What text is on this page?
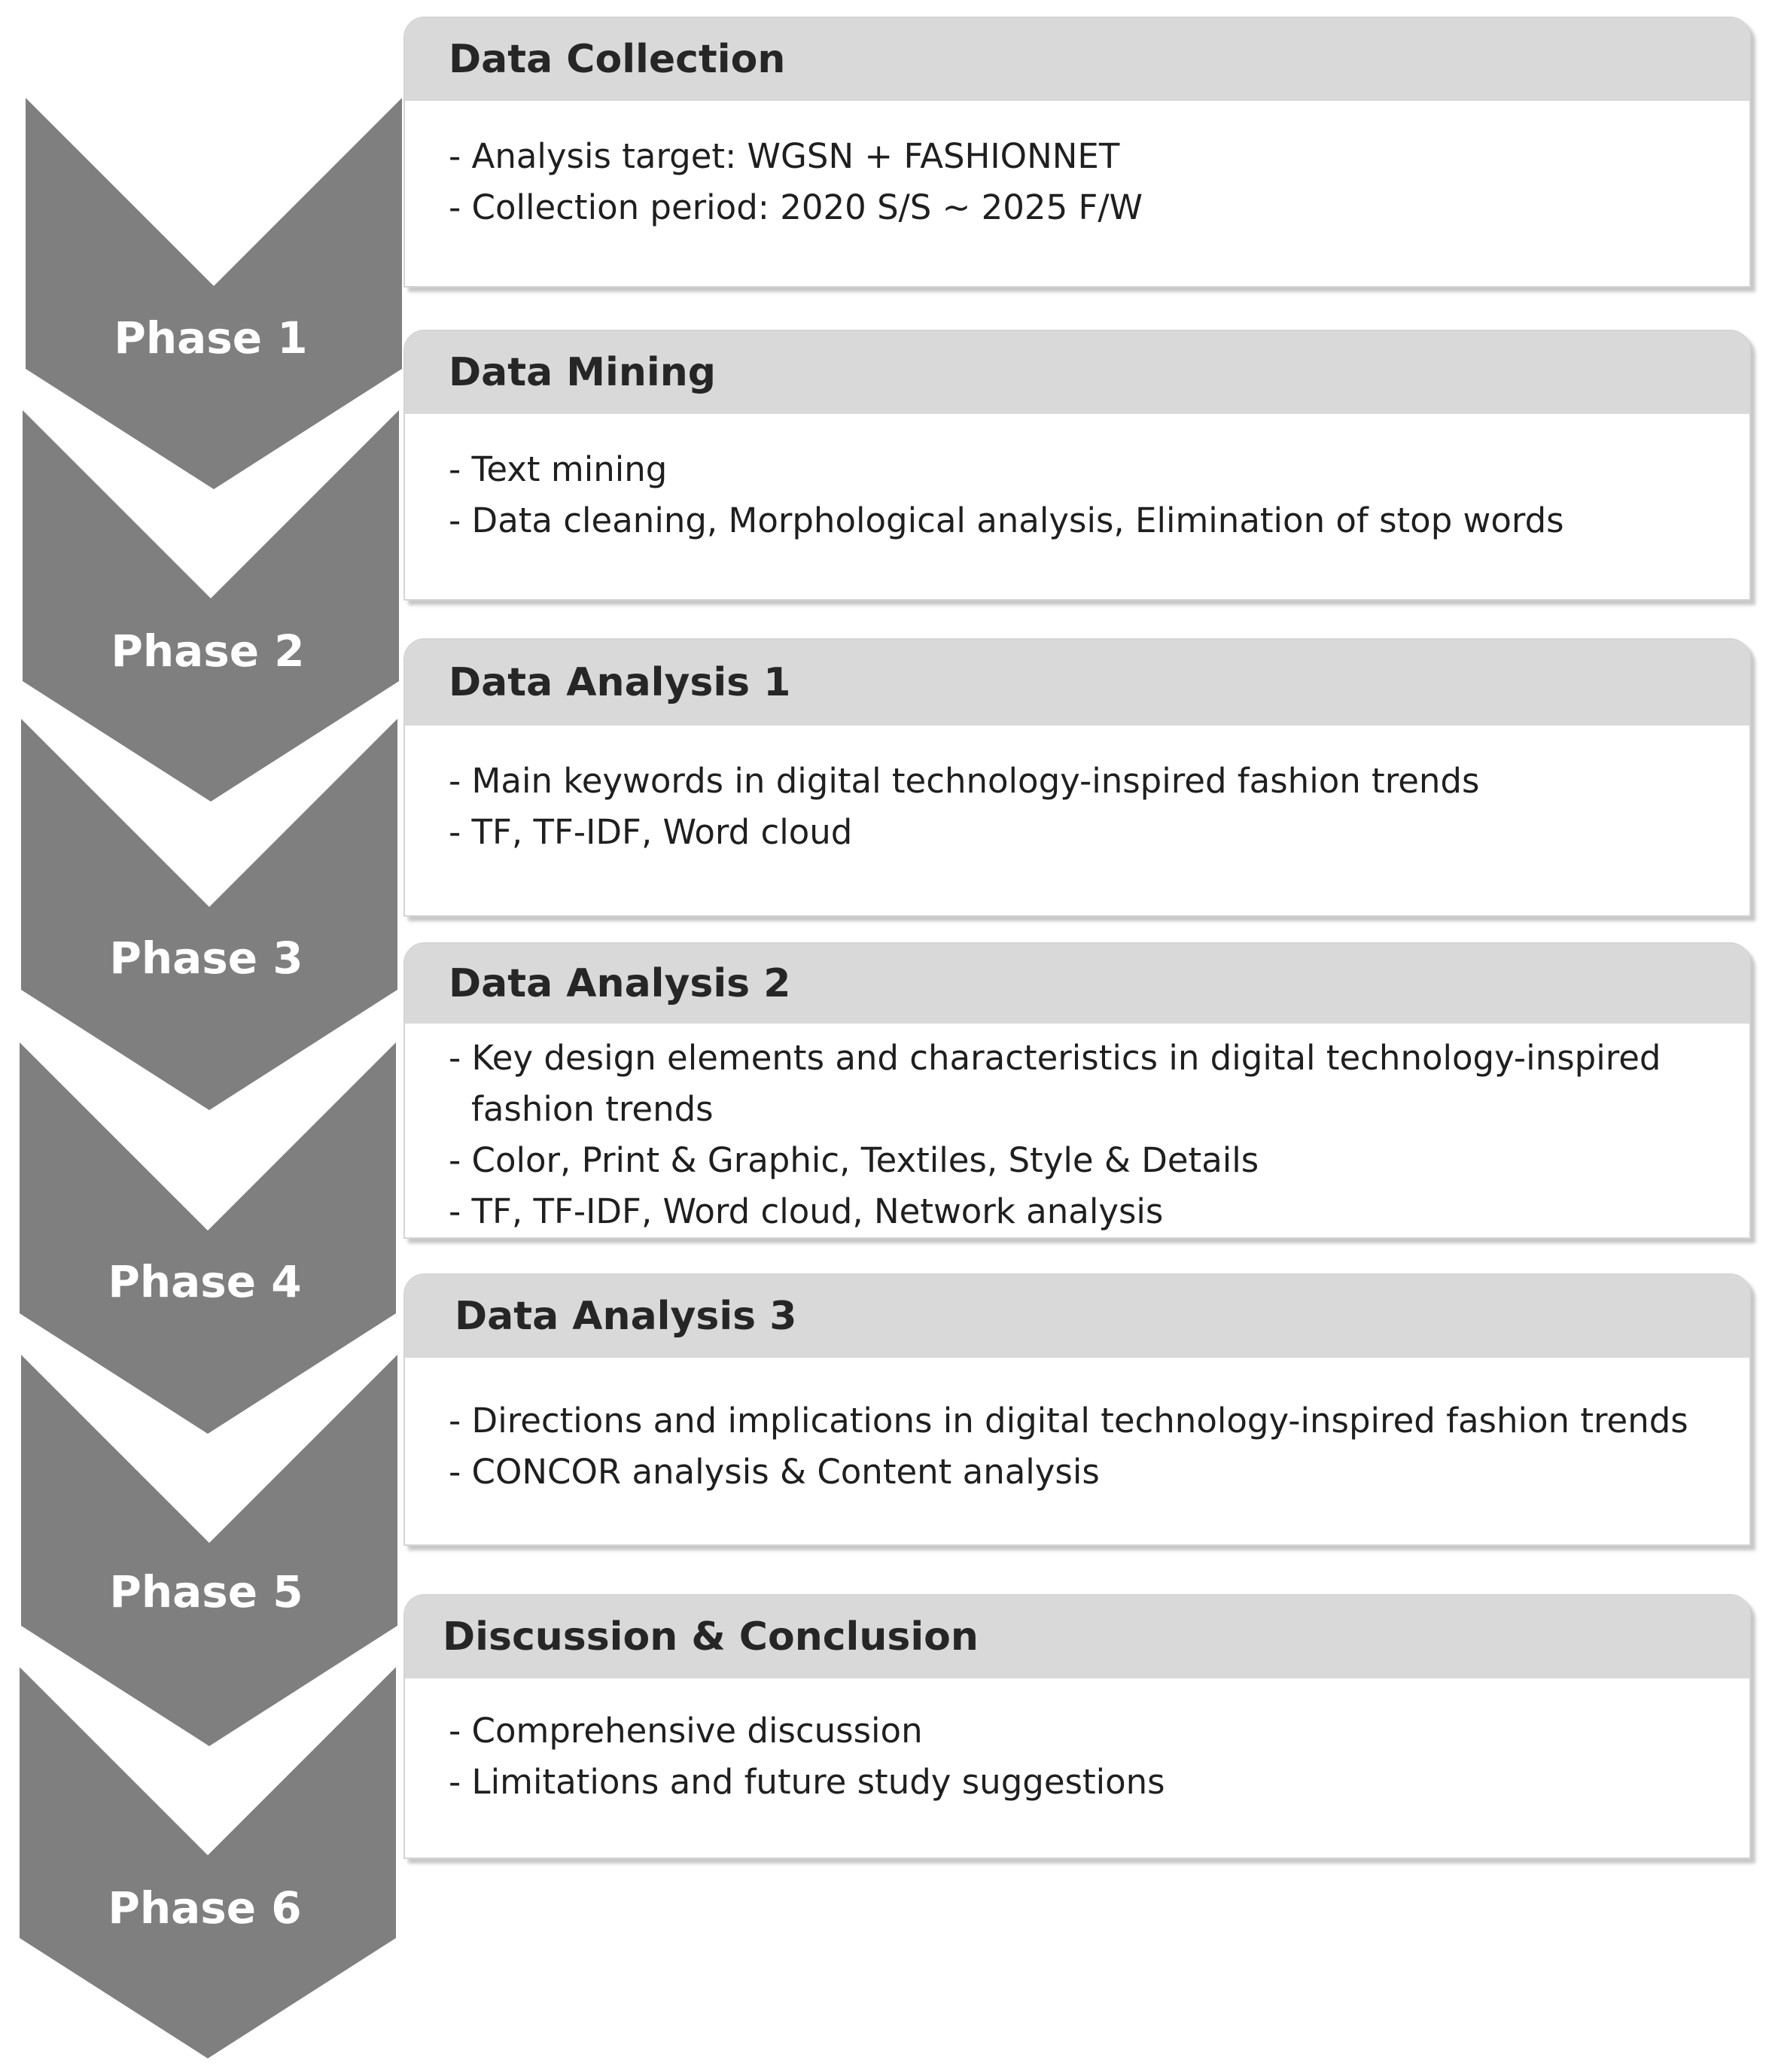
Phase 1
Phase 2
Phase 3
Phase 4
Phase 5
Phase 6
Data Collection
- Analysis target: WGSN + FASHIONNET
- Collection period: 2020 S/S ~ 2025 F/W
Data Mining
- Text mining
- Data cleaning, Morphological analysis, Elimination of stop words
Data Analysis 1
- Main keywords in digital technology-inspired fashion trends
- TF, TF-IDF, Word cloud
Data Analysis 2
- Key design elements and characteristics in digital technology-inspired fashion trends
- Color, Print & Graphic, Textiles, Style & Details
- TF, TF-IDF, Word cloud, Network analysis
Data Analysis 3
- Directions and implications in digital technology-inspired fashion trends
- CONCOR analysis & Content analysis
Discussion & Conclusion
- Comprehensive discussion
- Limitations and future study suggestions
